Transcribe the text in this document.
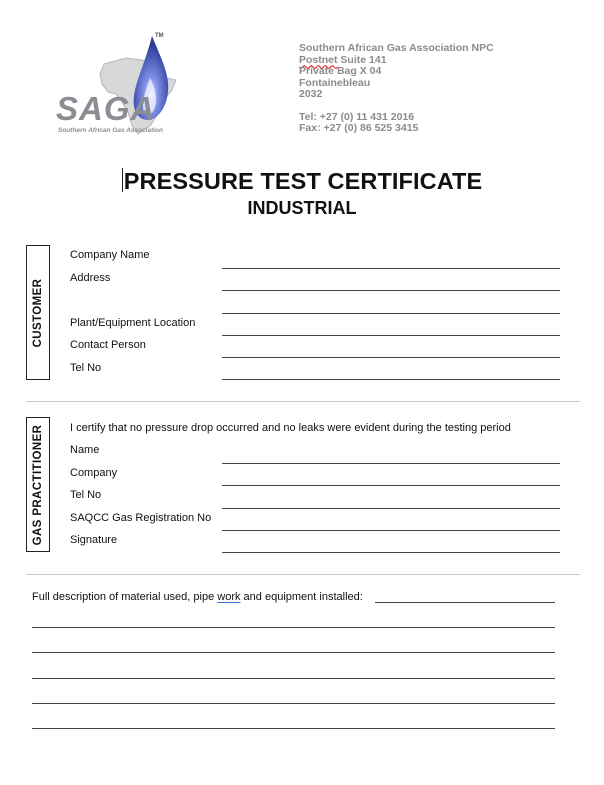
TM
SAGA
Southern African Gas Association
Southern African Gas Association NPC
Postnet Suite 141
Private Bag X 04
Fontainebleau
2032
Tel: +27 (0) 11 431 2016
Fax: +27 (0) 86 525 3415
PRESSURE TEST CERTIFICATE
INDUSTRIAL
CUSTOMER
Company Name
Address
Plant/Equipment Location
Contact Person
Tel No
GAS PRACTITIONER I certify that no pressure drop occurred and no leaks were evident during the testing period
Name
Company
Tel No
SAQCC Gas Registration No
Signature
Full description of material used, pipe work and equipment installed:
